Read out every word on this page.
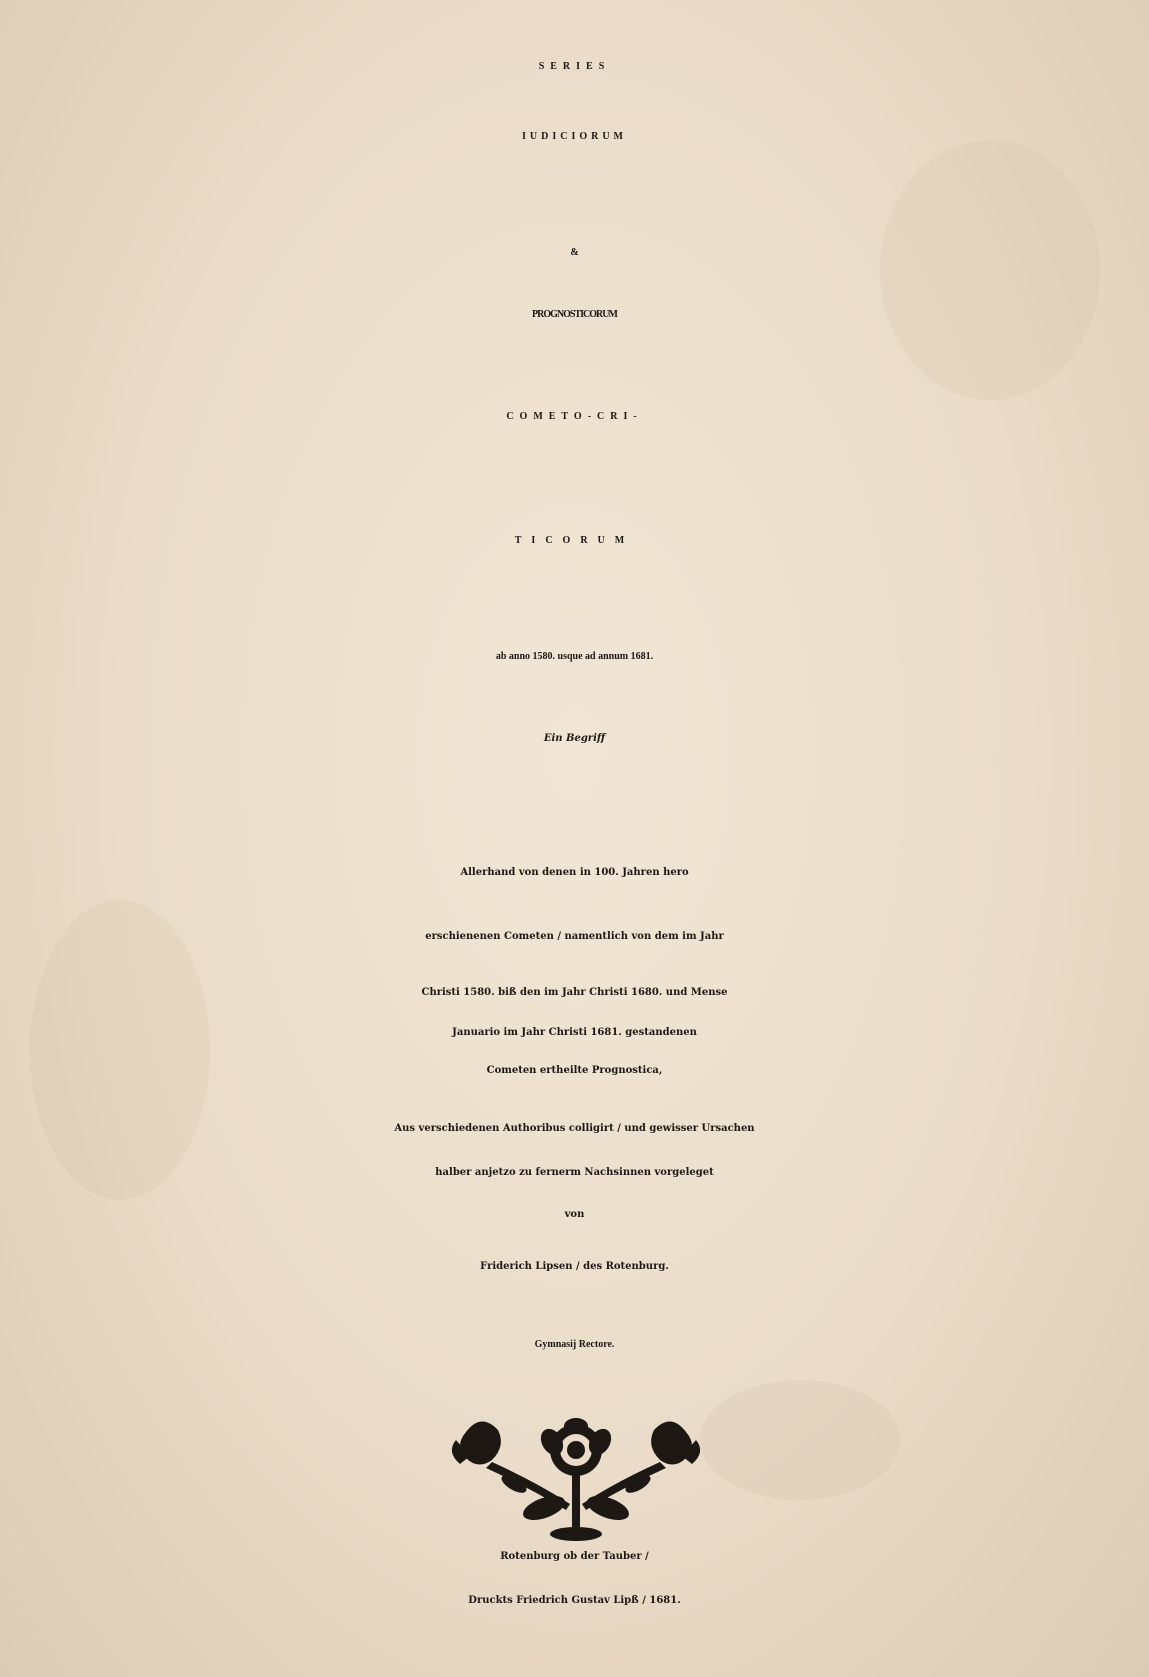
SERIES
IUDICIORUM
&
PROGNOSTICORUM
COMETO-CRI-
TICORUM
ab anno 1580. usque ad annum 1681.
Ein Begriff
Allerhand von denen in 100. Jahren hero
erschienenen Cometen / namentlich von dem im Jahr
Christi 1580. biß den im Jahr Christi 1680. und Mense
Januario im Jahr Christi 1681. gestandenen
Cometen ertheilte Prognostica,
Aus verschiedenen Authoribus colligirt / und gewisser Ursachen
halber anjetzo zu fernerm Nachsinnen vorgeleget
von
Friderich Lipsen / des Rotenburg.
Gymnasij Rectore.
Rotenburg ob der Tauber /
Druckts Friedrich Gustav Lipß / 1681.
